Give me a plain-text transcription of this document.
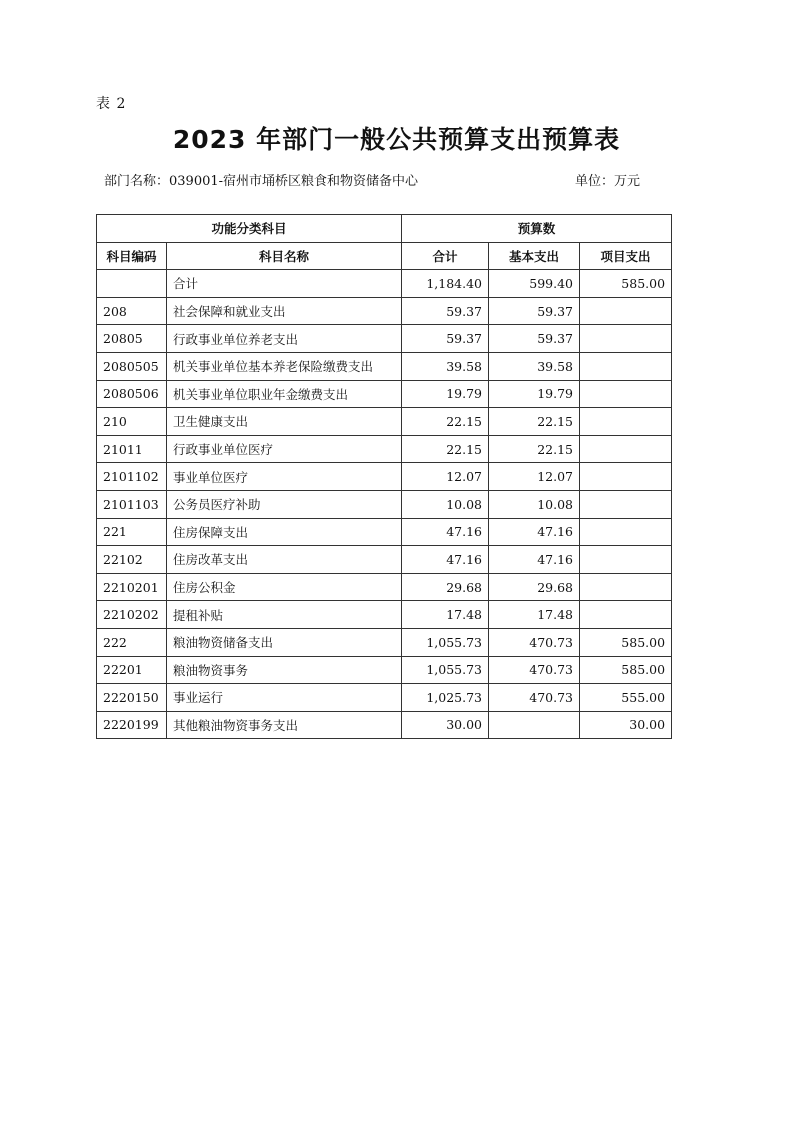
表 2
2023 年部门一般公共预算支出预算表
部门名称：039001-宿州市埇桥区粮食和物资储备中心	单位：万元
功能分类科目		预算数		
科目编码	科目名称	合计	基本支出	项目支出
	合计	1,184.40	599.40	585.00
208	社会保障和就业支出	59.37	59.37	
20805	行政事业单位养老支出	59.37	59.37	
2080505	机关事业单位基本养老保险缴费支出	39.58	39.58	
2080506	机关事业单位职业年金缴费支出	19.79	19.79	
210	卫生健康支出	22.15	22.15	
21011	行政事业单位医疗	22.15	22.15	
2101102	事业单位医疗	12.07	12.07	
2101103	公务员医疗补助	10.08	10.08	
221	住房保障支出	47.16	47.16	
22102	住房改革支出	47.16	47.16	
2210201	住房公积金	29.68	29.68	
2210202	提租补贴	17.48	17.48	
222	粮油物资储备支出	1,055.73	470.73	585.00
22201	粮油物资事务	1,055.73	470.73	585.00
2220150	事业运行	1,025.73	470.73	555.00
2220199	其他粮油物资事务支出	30.00		30.00
